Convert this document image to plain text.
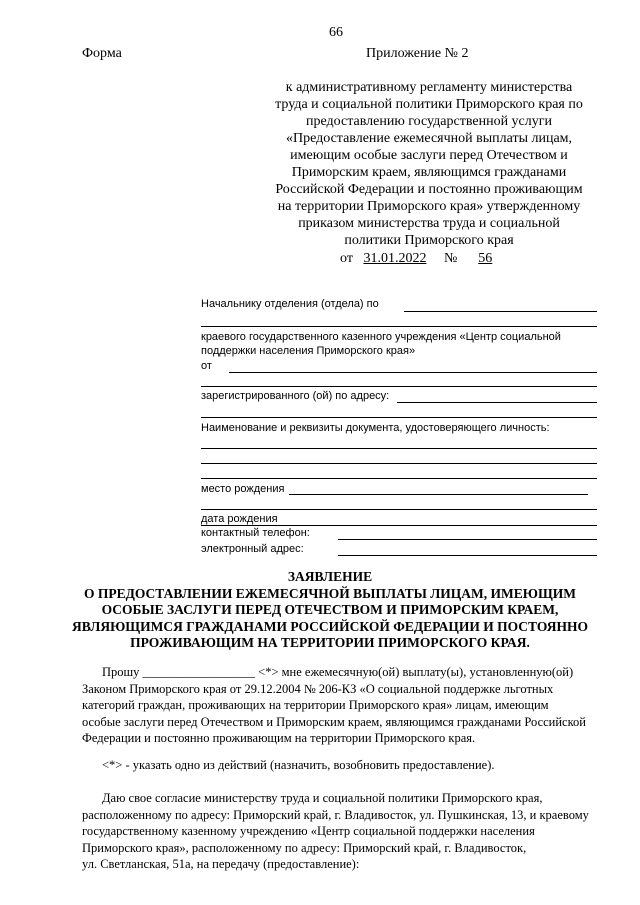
66
Форма	Приложение № 2
к административному регламенту министерства
труда и социальной политики Приморского края по
предоставлению государственной услуги
«Предоставление ежемесячной выплаты лицам,
имеющим особые заслуги перед Отечеством и
Приморским краем, являющимся гражданами
Российской Федерации и постоянно проживающим
на территории Приморского края» утвержденному
приказом министерства труда и социальной
политики Приморского края
от 31.01.2022 № 56
Начальнику отделения (отдела) по
краевого государственного казенного учреждения «Центр социальной
поддержки населения Приморского края»
от
зарегистрированного (ой) по адресу:
Наименование и реквизиты документа, удостоверяющего личность:
место рождения
дата рождения
контактный телефон:
электронный адрес:
ЗАЯВЛЕНИЕ
О ПРЕДОСТАВЛЕНИИ ЕЖЕМЕСЯЧНОЙ ВЫПЛАТЫ ЛИЦАМ, ИМЕЮЩИМ
ОСОБЫЕ ЗАСЛУГИ ПЕРЕД ОТЕЧЕСТВОМ И ПРИМОРСКИМ КРАЕМ,
ЯВЛЯЮЩИМСЯ ГРАЖДАНАМИ РОССИЙСКОЙ ФЕДЕРАЦИИ И ПОСТОЯННО
ПРОЖИВАЮЩИМ НА ТЕРРИТОРИИ ПРИМОРСКОГО КРАЯ.
Прошу __________________ <*> мне ежемесячную(ой) выплату(ы), установленную(ой)
Законом Приморского края от 29.12.2004 № 206-КЗ «О социальной поддержке льготных
категорий граждан, проживающих на территории Приморского края» лицам, имеющим
особые заслуги перед Отечеством и Приморским краем, являющимся гражданами Российской
Федерации и постоянно проживающим на территории Приморского края.
<*> - указать одно из действий (назначить, возобновить предоставление).
Даю свое согласие министерству труда и социальной политики Приморского края,
расположенному по адресу: Приморский край, г. Владивосток, ул. Пушкинская, 13, и краевому
государственному казенному учреждению «Центр социальной поддержки населения
Приморского края», расположенному по адресу: Приморский край, г. Владивосток,
ул. Светланская, 51а, на передачу (предоставление):
